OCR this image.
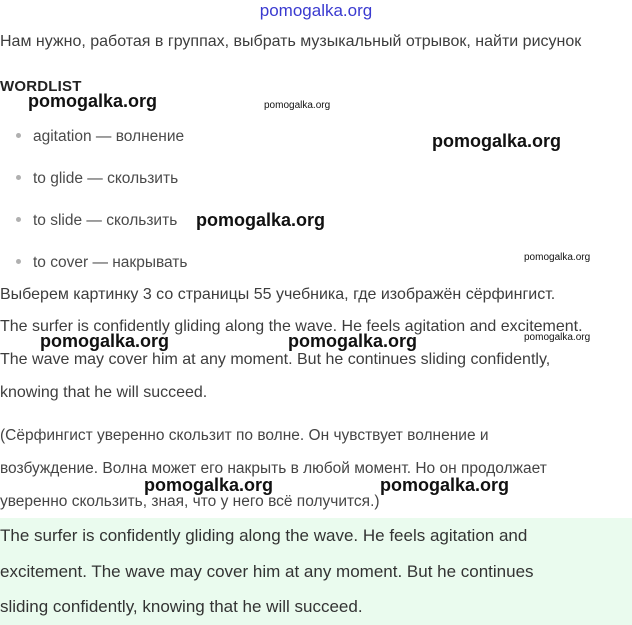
pomogalka.org
Нам нужно, работая в группах, выбрать музыкальный отрывок, найти рисунок
WORDLIST
agitation — волнение
to glide — скользить
to slide — скользить
to cover — накрывать
Выберем картинку 3 со страницы 55 учебника, где изображён сёрфингист.
The surfer is confidently gliding along the wave. He feels agitation and excitement.
The wave may cover him at any moment. But he continues sliding confidently,
knowing that he will succeed.
(Сёрфингист уверенно скользит по волне. Он чувствует волнение и
возбуждение. Волна может его накрыть в любой момент. Но он продолжает
уверенно скользить, зная, что у него всё получится.)
The surfer is confidently gliding along the wave. He feels agitation and
excitement. The wave may cover him at any moment. But he continues
sliding confidently, knowing that he will succeed.
pomogalka.org	pomogalka.org
pomogalka.org
pomogalka.org
pomogalka.org
pomogalka.org	pomogalka.org	pomogalka.org
pomogalka.org	pomogalka.org
